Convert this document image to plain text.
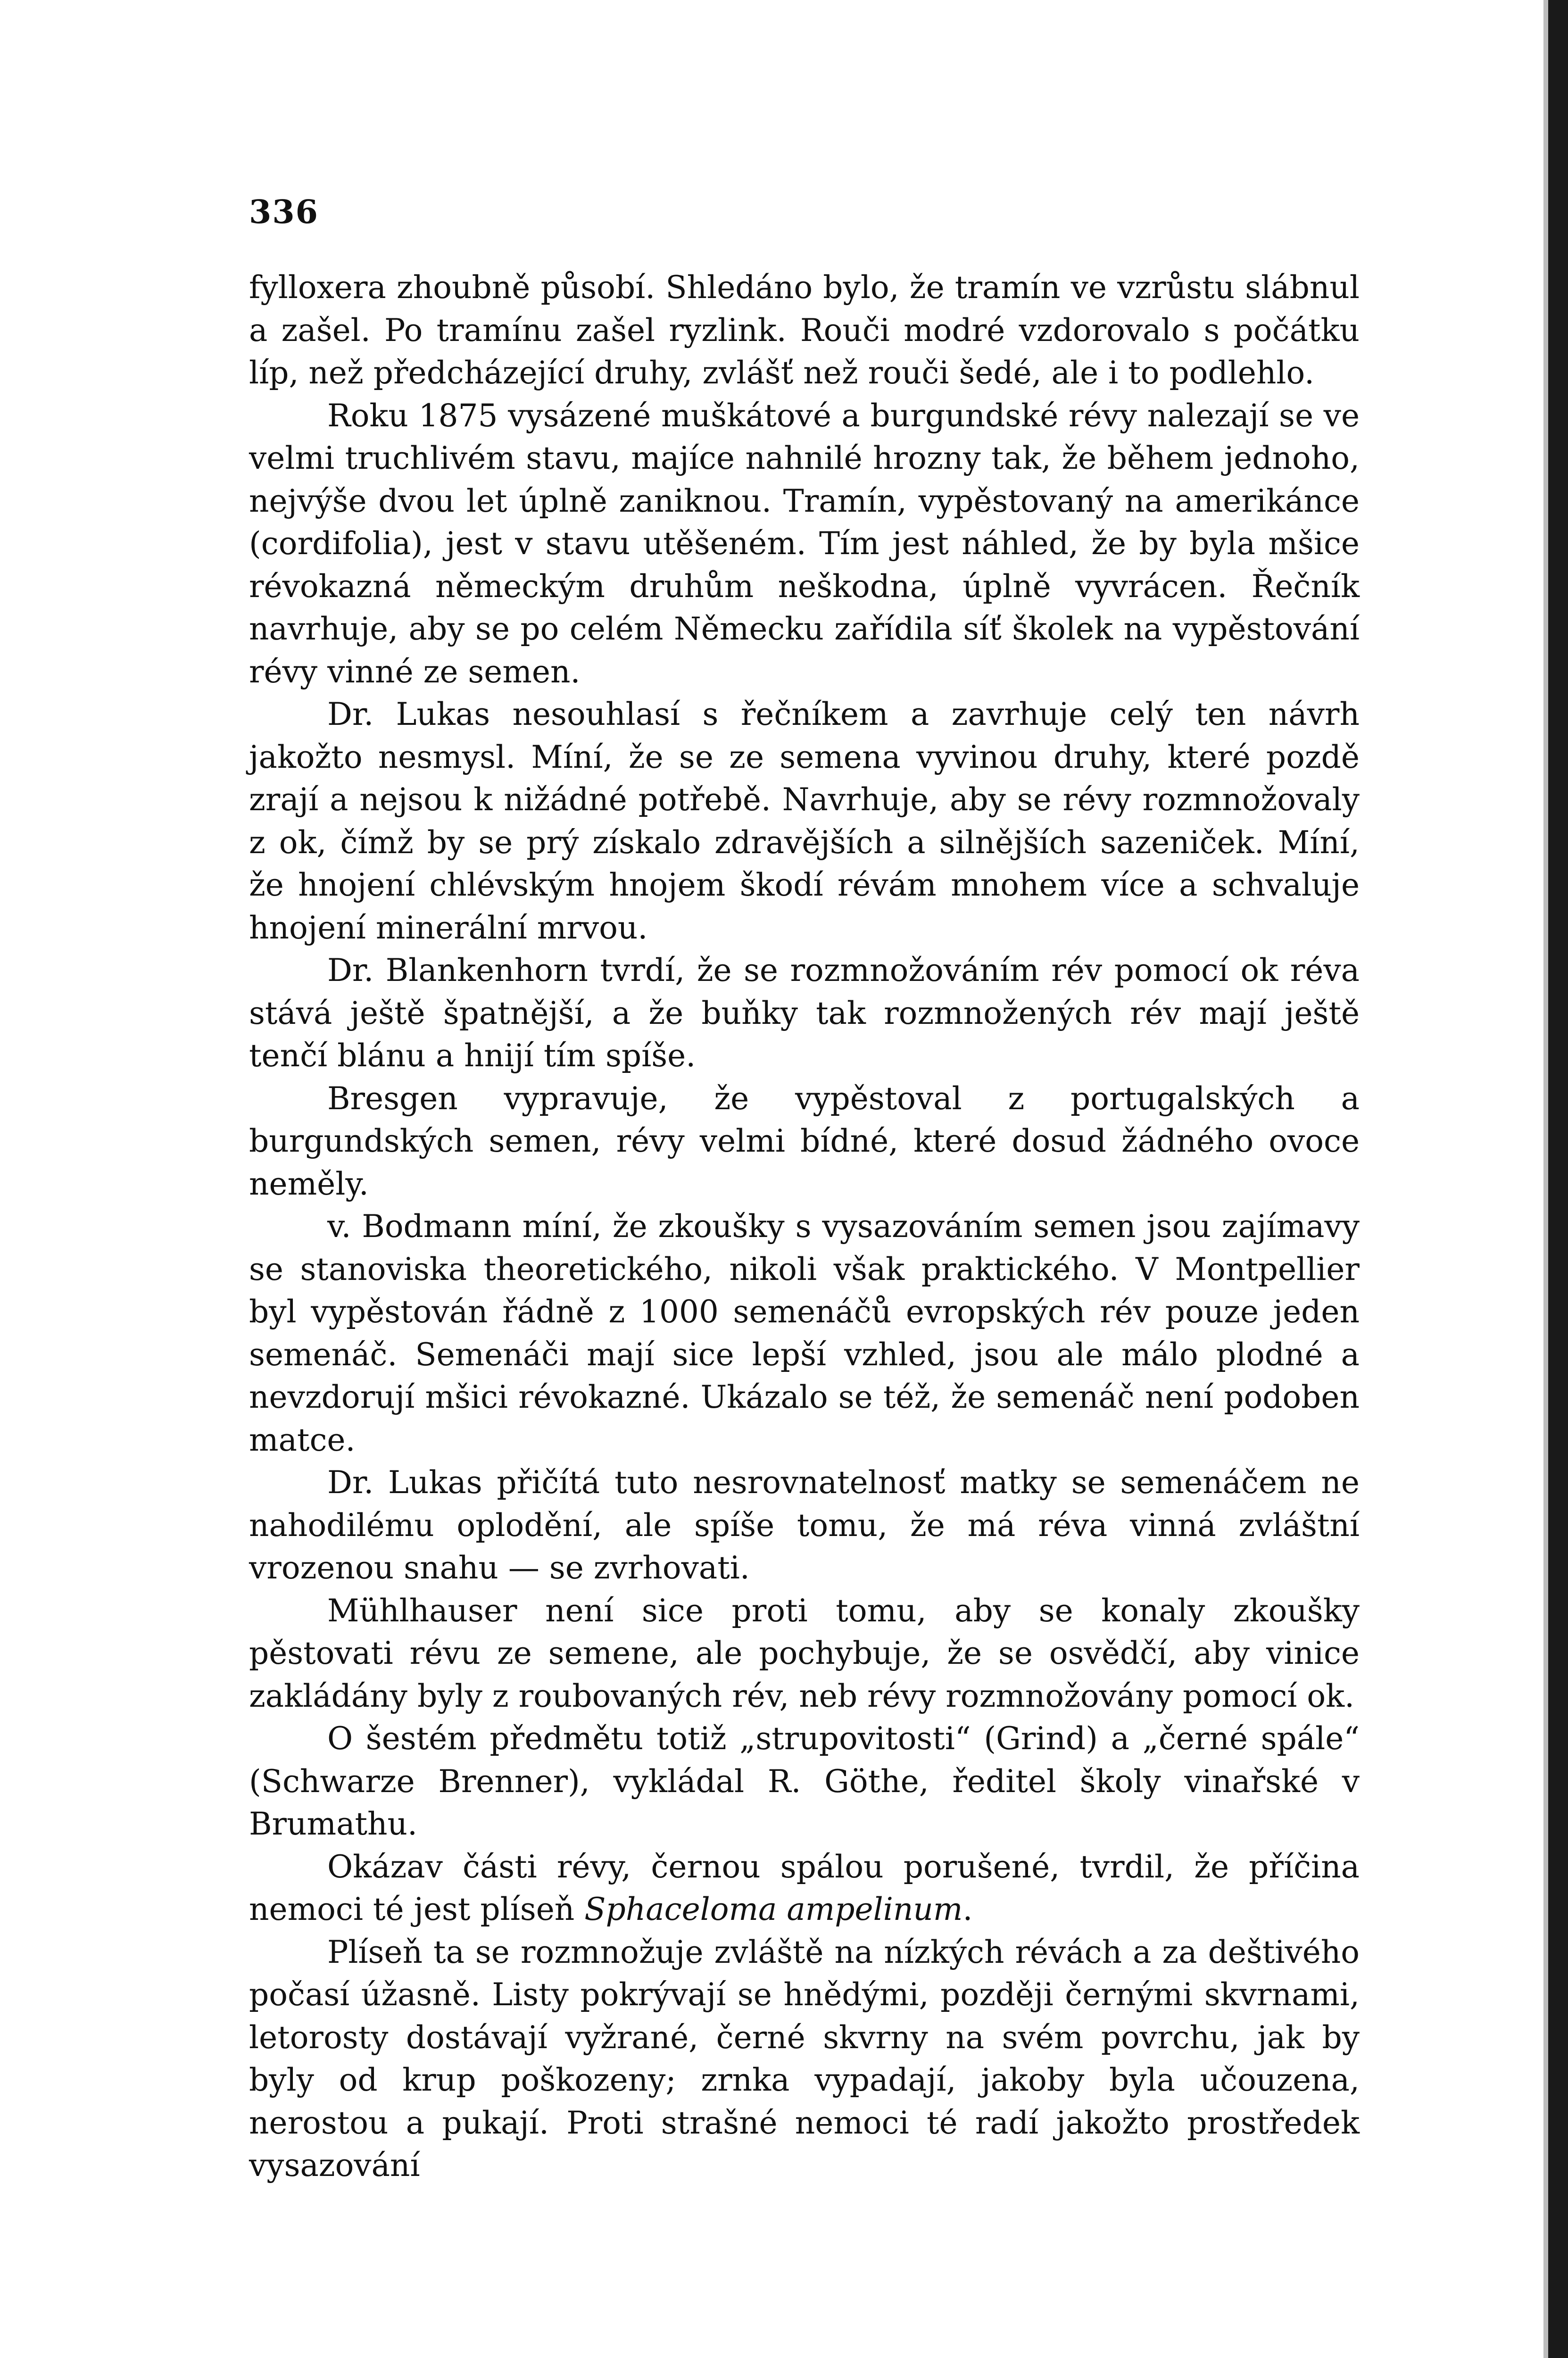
336

fylloxera zhoubně působí. Shledáno bylo, že tramín ve vzrůstu slábnul a zašel. Po tramínu zašel ryzlink. Rouči modré vzdorovalo s počátku líp, než předcházející druhy, zvlášť než rouči šedé, ale i to podlehlo.

Roku 1875 vysázené muškátové a burgundské révy nalezají se ve velmi truchlivém stavu, majíce nahnilé hrozny tak, že během jednoho, nejvýše dvou let úplně zaniknou. Tramín, vypěstovaný na amerikánce (cordifolia), jest v stavu utěšeném. Tím jest náhled, že by byla mšice révokazná německým druhům neškodna, úplně vyvrácen. Řečník navrhuje, aby se po celém Německu zařídila síť školek na vypěstování révy vinné ze semen.

Dr. Lukas nesouhlasí s řečníkem a zavrhuje celý ten návrh jakožto nesmysl. Míní, že se ze semena vyvinou druhy, které pozdě zrají a nejsou k nižádné potřebě. Navrhuje, aby se révy rozmnožovaly z ok, čímž by se prý získalo zdravějších a silnějších sazeniček. Míní, že hnojení chlévským hnojem škodí révám mnohem více a schvaluje hnojení minerální mrvou.

Dr. Blankenhorn tvrdí, že se rozmnožováním rév pomocí ok réva stává ještě špatnější, a že buňky tak rozmnožených rév mají ještě tenčí blánu a hnijí tím spíše.

Bresgen vypravuje, že vypěstoval z portugalských a burgundských semen, révy velmi bídné, které dosud žádného ovoce neměly.

v. Bodmann míní, že zkoušky s vysazováním semen jsou zajímavy se stanoviska theoretického, nikoli však praktického. V Montpellier byl vypěstován řádně z 1000 semenáčů evropských rév pouze jeden semenáč. Semenáči mají sice lepší vzhled, jsou ale málo plodné a nevzdorují mšici révokazné. Ukázalo se též, že semenáč není podoben matce.

Dr. Lukas přičítá tuto nesrovnatelnosť matky se semenáčem ne nahodilému oplodění, ale spíše tomu, že má réva vinná zvláštní vrozenou snahu — se zvrhovati.

Mühlhauser není sice proti tomu, aby se konaly zkoušky pěstovati révu ze semene, ale pochybuje, že se osvědčí, aby vinice zakládány byly z roubovaných rév, neb révy rozmnožovány pomocí ok.

O šestém předmětu totiž „strupovitosti“ (Grind) a „černé spále“ (Schwarze Brenner), vykládal R. Göthe, ředitel školy vinařské v Brumathu.

Okázav části révy, černou spálou porušené, tvrdil, že příčina nemoci té jest plíseň Sphaceloma ampelinum.

Plíseň ta se rozmnožuje zvláště na nízkých révách a za deštivého počasí úžasně. Listy pokrývají se hnědými, později černými skvrnami, letorosty dostávají vyžrané, černé skvrny na svém povrchu, jak by byly od krup poškozeny; zrnka vypadají, jakoby byla učouzena, nerostou a pukají. Proti strašné nemoci té radí jakožto prostředek vysazování
